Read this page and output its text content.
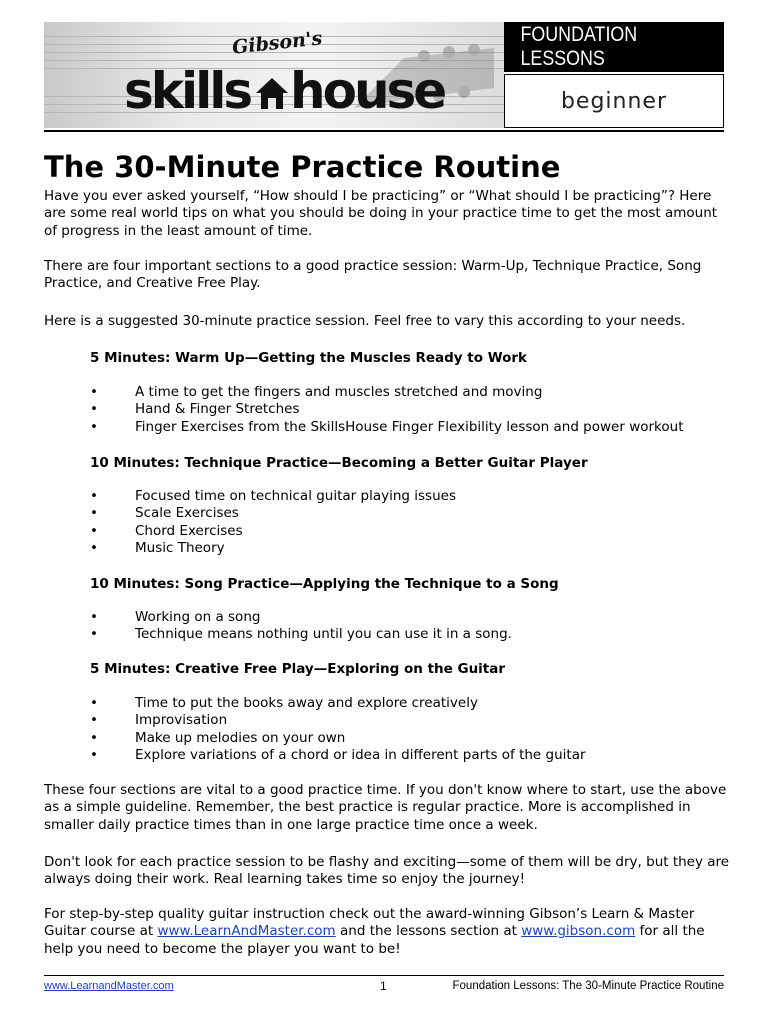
Gibson's
skills house
FOUNDATION LESSONS
beginner
The 30-Minute Practice Routine

Have you ever asked yourself, “How should I be practicing” or “What should I be practicing”? Here are some real world tips on what you should be doing in your practice time to get the most amount of progress in the least amount of time.

There are four important sections to a good practice session: Warm-Up, Technique Practice, Song Practice, and Creative Free Play.

Here is a suggested 30-minute practice session. Feel free to vary this according to your needs.

5 Minutes: Warm Up—Getting the Muscles Ready to Work
• A time to get the fingers and muscles stretched and moving
• Hand & Finger Stretches
• Finger Exercises from the SkillsHouse Finger Flexibility lesson and power workout
10 Minutes: Technique Practice—Becoming a Better Guitar Player
• Focused time on technical guitar playing issues
• Scale Exercises
• Chord Exercises
• Music Theory
10 Minutes: Song Practice—Applying the Technique to a Song
• Working on a song
• Technique means nothing until you can use it in a song.
5 Minutes: Creative Free Play—Exploring on the Guitar
• Time to put the books away and explore creatively
• Improvisation
• Make up melodies on your own
• Explore variations of a chord or idea in different parts of the guitar

These four sections are vital to a good practice time. If you don't know where to start, use the above as a simple guideline. Remember, the best practice is regular practice. More is accomplished in smaller daily practice times than in one large practice time once a week.

Don't look for each practice session to be flashy and exciting—some of them will be dry, but they are always doing their work. Real learning takes time so enjoy the journey!

For step-by-step quality guitar instruction check out the award-winning Gibson’s Learn & Master Guitar course at www.LearnAndMaster.com and the lessons section at www.gibson.com for all the help you need to become the player you want to be!

www.LearnandMaster.com	1	Foundation Lessons: The 30-Minute Practice Routine
